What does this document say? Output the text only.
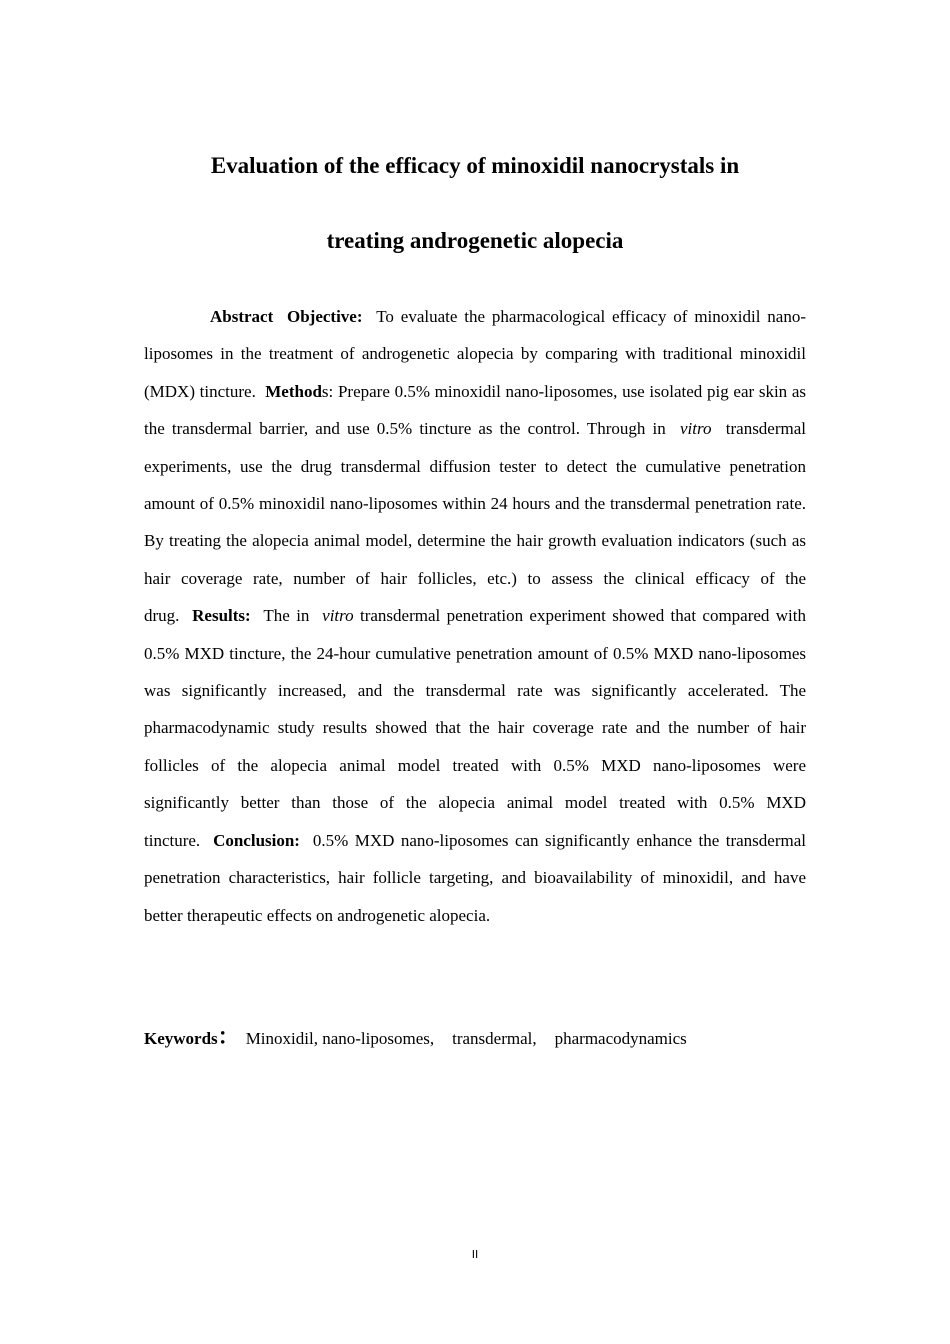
Evaluation of the efficacy of minoxidil nanocrystals in
treating androgenetic alopecia

Abstract Objective: To evaluate the pharmacological efficacy of minoxidil nano-liposomes in the treatment of androgenetic alopecia by comparing with traditional minoxidil (MDX) tincture. Methods: Prepare 0.5% minoxidil nano-liposomes, use isolated pig ear skin as the transdermal barrier, and use 0.5% tincture as the control. Through in vitro transdermal experiments, use the drug transdermal diffusion tester to detect the cumulative penetration amount of 0.5% minoxidil nano-liposomes within 24 hours and the transdermal penetration rate. By treating the alopecia animal model, determine the hair growth evaluation indicators (such as hair coverage rate, number of hair follicles, etc.) to assess the clinical efficacy of the drug. Results: The in vitro transdermal penetration experiment showed that compared with 0.5% MXD tincture, the 24-hour cumulative penetration amount of 0.5% MXD nano-liposomes was significantly increased, and the transdermal rate was significantly accelerated. The pharmacodynamic study results showed that the hair coverage rate and the number of hair follicles of the alopecia animal model treated with 0.5% MXD nano-liposomes were significantly better than those of the alopecia animal model treated with 0.5% MXD tincture. Conclusion: 0.5% MXD nano-liposomes can significantly enhance the transdermal penetration characteristics, hair follicle targeting, and bioavailability of minoxidil, and have better therapeutic effects on androgenetic alopecia.

Keywords： Minoxidil, nano-liposomes, transdermal, pharmacodynamics
II
